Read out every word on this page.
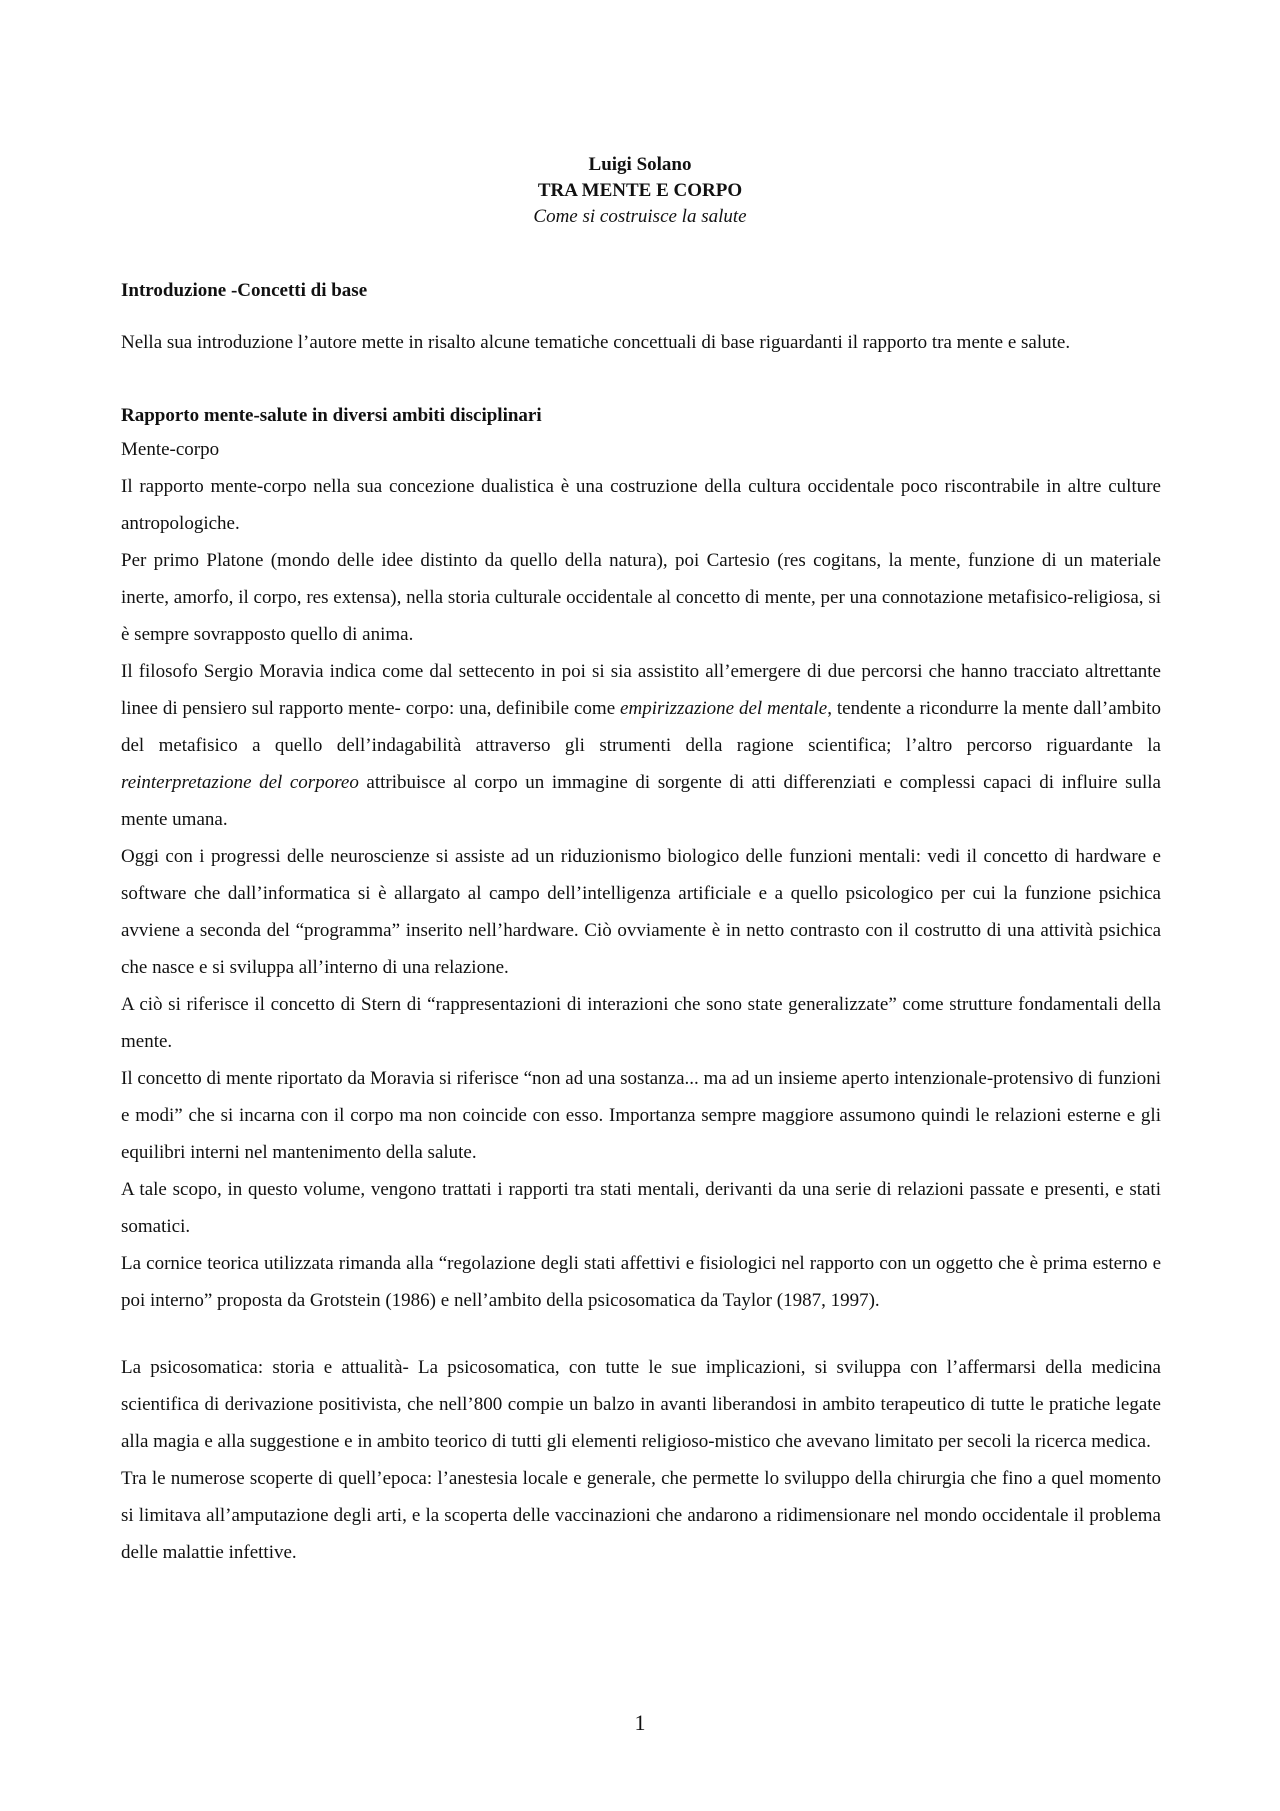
Luigi Solano
TRA MENTE E CORPO
Come si costruisce la salute

Introduzione -Concetti di base

Nella sua introduzione l’autore mette in risalto alcune tematiche concettuali di base riguardanti il rapporto tra mente e salute.

Rapporto mente-salute in diversi ambiti disciplinari

Mente-corpo

Il rapporto mente-corpo nella sua concezione dualistica è una costruzione della cultura occidentale poco riscontrabile in altre culture antropologiche.

Per primo Platone (mondo delle idee distinto da quello della natura), poi Cartesio (res cogitans, la mente, funzione di un materiale inerte, amorfo, il corpo, res extensa), nella storia culturale occidentale al concetto di mente, per una connotazione metafisico-religiosa, si è sempre sovrapposto quello di anima.

Il filosofo Sergio Moravia indica come dal settecento in poi si sia assistito all’emergere di due percorsi che hanno tracciato altrettante linee di pensiero sul rapporto mente- corpo: una, definibile come empirizzazione del mentale, tendente a ricondurre la mente dall’ambito del metafisico a quello dell’indagabilità attraverso gli strumenti della ragione scientifica; l’altro percorso riguardante la reinterpretazione del corporeo attribuisce al corpo un immagine di sorgente di atti differenziati e complessi capaci di influire sulla mente umana.

Oggi con i progressi delle neuroscienze si assiste ad un riduzionismo biologico delle funzioni mentali: vedi il concetto di hardware e software che dall’informatica si è allargato al campo dell’intelligenza artificiale e a quello psicologico per cui la funzione psichica avviene a seconda del “programma” inserito nell’hardware. Ciò ovviamente è in netto contrasto con il costrutto di una attività psichica che nasce e si sviluppa all’interno di una relazione.

A ciò si riferisce il concetto di Stern di “rappresentazioni di interazioni che sono state generalizzate” come strutture fondamentali della mente.

Il concetto di mente riportato da Moravia si riferisce “non ad una sostanza... ma ad un insieme aperto intenzionale-protensivo di funzioni e modi” che si incarna con il corpo ma non coincide con esso. Importanza sempre maggiore assumono quindi le relazioni esterne e gli equilibri interni nel mantenimento della salute.

A tale scopo, in questo volume, vengono trattati i rapporti tra stati mentali, derivanti da una serie di relazioni passate e presenti, e stati somatici.

La cornice teorica utilizzata rimanda alla “regolazione degli stati affettivi e fisiologici nel rapporto con un oggetto che è prima esterno e poi interno” proposta da Grotstein (1986) e nell’ambito della psicosomatica da Taylor (1987, 1997).

La psicosomatica: storia e attualità- La psicosomatica, con tutte le sue implicazioni, si sviluppa con l’affermarsi della medicina scientifica di derivazione positivista, che nell’800 compie un balzo in avanti liberandosi in ambito terapeutico di tutte le pratiche legate alla magia e alla suggestione e in ambito teorico di tutti gli elementi religioso-mistico che avevano limitato per secoli la ricerca medica.

Tra le numerose scoperte di quell’epoca: l’anestesia locale e generale, che permette lo sviluppo della chirurgia che fino a quel momento si limitava all’amputazione degli arti, e la scoperta delle vaccinazioni che andarono a ridimensionare nel mondo occidentale il problema delle malattie infettive.

1
